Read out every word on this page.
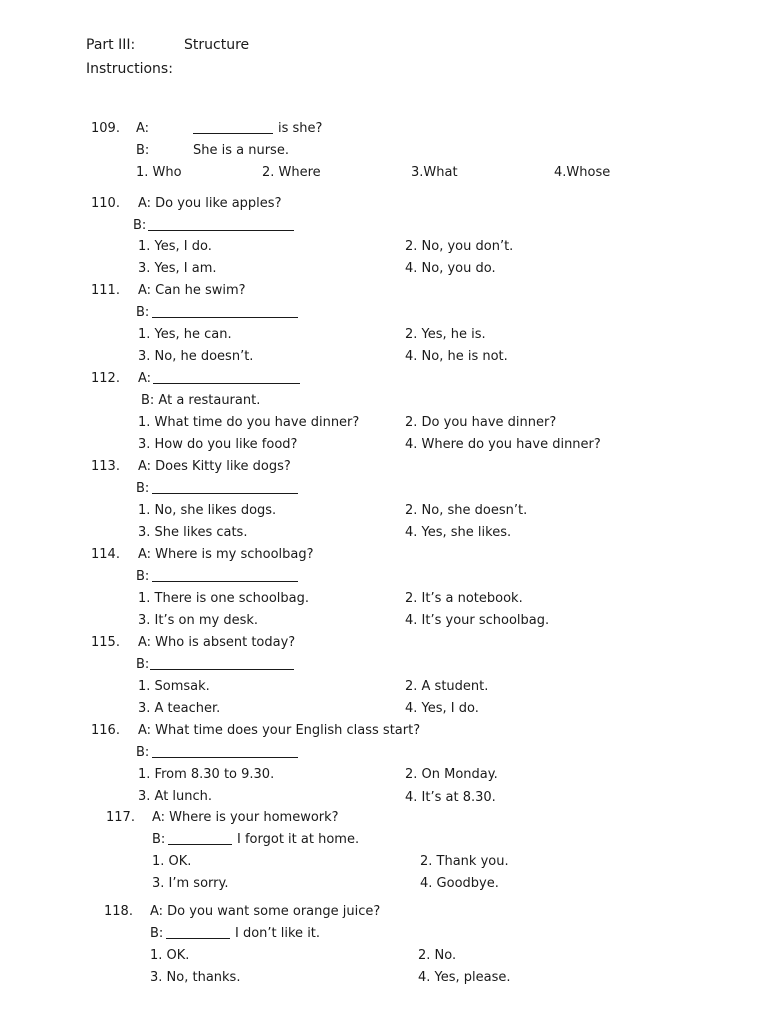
Part III:	Structure
Instructions:
109. A:	is she?
B:	She is a nurse.
1. Who	2. Where	3.What	4.Whose
110. A: Do you like apples?
B:
1. Yes, I do.	2. No, you don’t.
3. Yes, I am.	4. No, you do.
111. A: Can he swim?
B:
1. Yes, he can.	2. Yes, he is.
3. No, he doesn’t.	4. No, he is not.
112. A:
B: At a restaurant.
1. What time do you have dinner?	2. Do you have dinner?
3. How do you like food?	4. Where do you have dinner?
113. A: Does Kitty like dogs?
B:
1. No, she likes dogs.	2. No, she doesn’t.
3. She likes cats.	4. Yes, she likes.
114. A: Where is my schoolbag?
B:
1. There is one schoolbag.	2. It’s a notebook.
3. It’s on my desk.	4. It’s your schoolbag.
115. A: Who is absent today?
B:
1. Somsak.	2. A student.
3. A teacher.	4. Yes, I do.
116. A: What time does your English class start?
B:
1. From 8.30 to 9.30.	2. On Monday.
3. At lunch.	4. It’s at 8.30.
117. A: Where is your homework?
B:	I forgot it at home.
1. OK.	2. Thank you.
3. I’m sorry.	4. Goodbye.
118. A: Do you want some orange juice?
B:	I don’t like it.
1. OK.	2. No.
3. No, thanks.	4. Yes, please.
